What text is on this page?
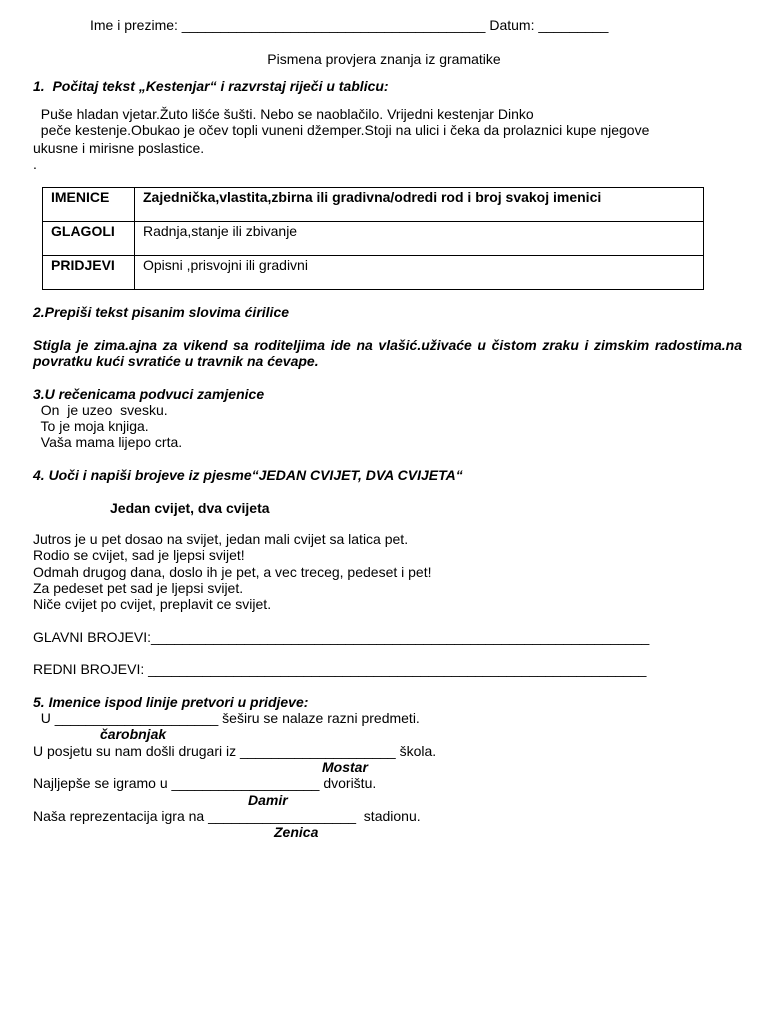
Ime i prezime: _______________________________________ Datum: _________
Pismena provjera znanja iz gramatike
1.  Počitaj tekst „Kestenjar“ i razvrstaj riječi u tablicu:
Puše hladan vjetar.Žuto lišće šušti. Nebo se naoblačilo. Vrijedni kestenjar Dinko
peče kestenje.Obukao je očev topli vuneni džemper.Stoji na ulici i čeka da prolaznici kupe njegove
ukusne i mirisne poslastice.
.
IMENICE	Zajednička,vlastita,zbirna ili gradivna/odredi rod i broj svakoj imenici
GLAGOLI	Radnja,stanje ili zbivanje
PRIDJEVI	Opisni ,prisvojni ili gradivni
2.Prepiši tekst pisanim slovima ćirilice
Stigla je zima.ajna za vikend sa roditeljima ide na vlašić.uživaće u čistom zraku i zimskim radostima.na povratku kući svratiće u travnik na ćevape.
3.U rečenicama podvuci zamjenice
On  je uzeo  svesku.
To je moja knjiga.
Vaša mama lijepo crta.
4. Uoči i napiši brojeve iz pjesme“JEDAN CVIJET, DVA CVIJETA“
Jedan cvijet, dva cvijeta
Jutros je u pet dosao na svijet, jedan mali cvijet sa latica pet.
Rodio se cvijet, sad je ljepsi svijet!
Odmah drugog dana, doslo ih je pet, a vec treceg, pedeset i pet!
Za pedeset pet sad je ljepsi svijet.
Niče cvijet po cvijet, preplavit ce svijet.
GLAVNI BROJEVI:________________________________________________________________
REDNI BROJEVI: ________________________________________________________________
5. Imenice ispod linije pretvori u pridjeve:
U _____________________ šeširu se nalaze razni predmeti.
čarobnjak
U posjetu su nam došli drugari iz ____________________ škola.
Mostar
Najljepše se igramo u ___________________ dvorištu.
Damir
Naša reprezentacija igra na ___________________  stadionu.
Zenica
